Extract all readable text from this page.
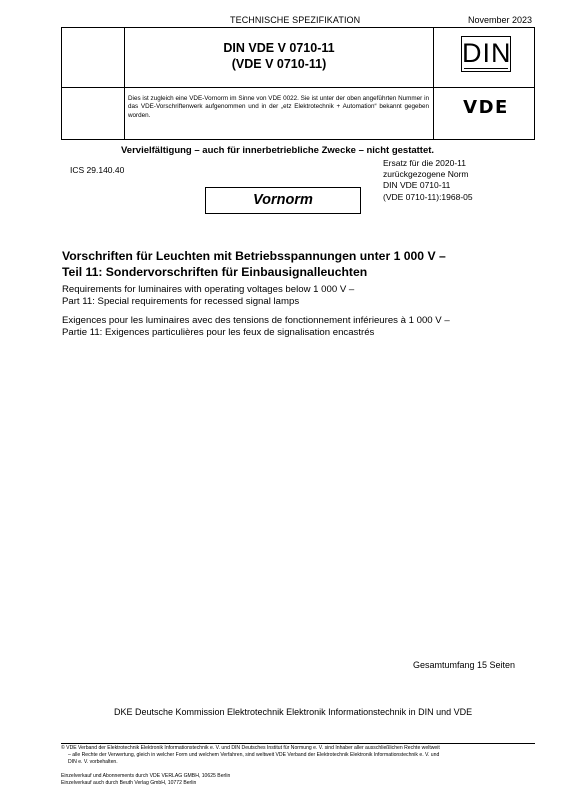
TECHNISCHE SPEZIFIKATION	November 2023
DIN VDE V 0710-11
(VDE V 0710-11)	DIN
Dies ist zugleich eine VDE-Vornorm im Sinne von VDE 0022. Sie ist unter der oben angeführten Nummer in das VDE-Vorschriftenwerk aufgenommen und in der „etz Elektrotechnik + Automation“ bekannt gegeben worden.	VDE
Vervielfältigung – auch für innerbetriebliche Zwecke – nicht gestattet.
ICS 29.140.40
Ersatz für die 2020-11
zurückgezogene Norm
DIN VDE 0710-11
(VDE 0710-11):1968-05
Vornorm
Vorschriften für Leuchten mit Betriebsspannungen unter 1 000 V –
Teil 11: Sondervorschriften für Einbausignalleuchten
Requirements for luminaires with operating voltages below 1 000 V –
Part 11: Special requirements for recessed signal lamps
Exigences pour les luminaires avec des tensions de fonctionnement inférieures à 1 000 V –
Partie 11: Exigences particulières pour les feux de signalisation encastrés
Gesamtumfang 15 Seiten
DKE Deutsche Kommission Elektrotechnik Elektronik Informationstechnik in DIN und VDE
© VDE Verband der Elektrotechnik Elektronik Informationstechnik e. V. und DIN Deutsches Institut für Normung e. V. sind Inhaber aller ausschließlichen Rechte weltweit
– alle Rechte der Verwertung, gleich in welcher Form und welchem Verfahren, sind weltweit VDE Verband der Elektrotechnik Elektronik Informationstechnik e. V. und
DIN e. V. vorbehalten.
Einzelverkauf und Abonnements durch VDE VERLAG GMBH, 10625 Berlin
Einzelverkauf auch durch Beuth Verlag GmbH, 10772 Berlin
